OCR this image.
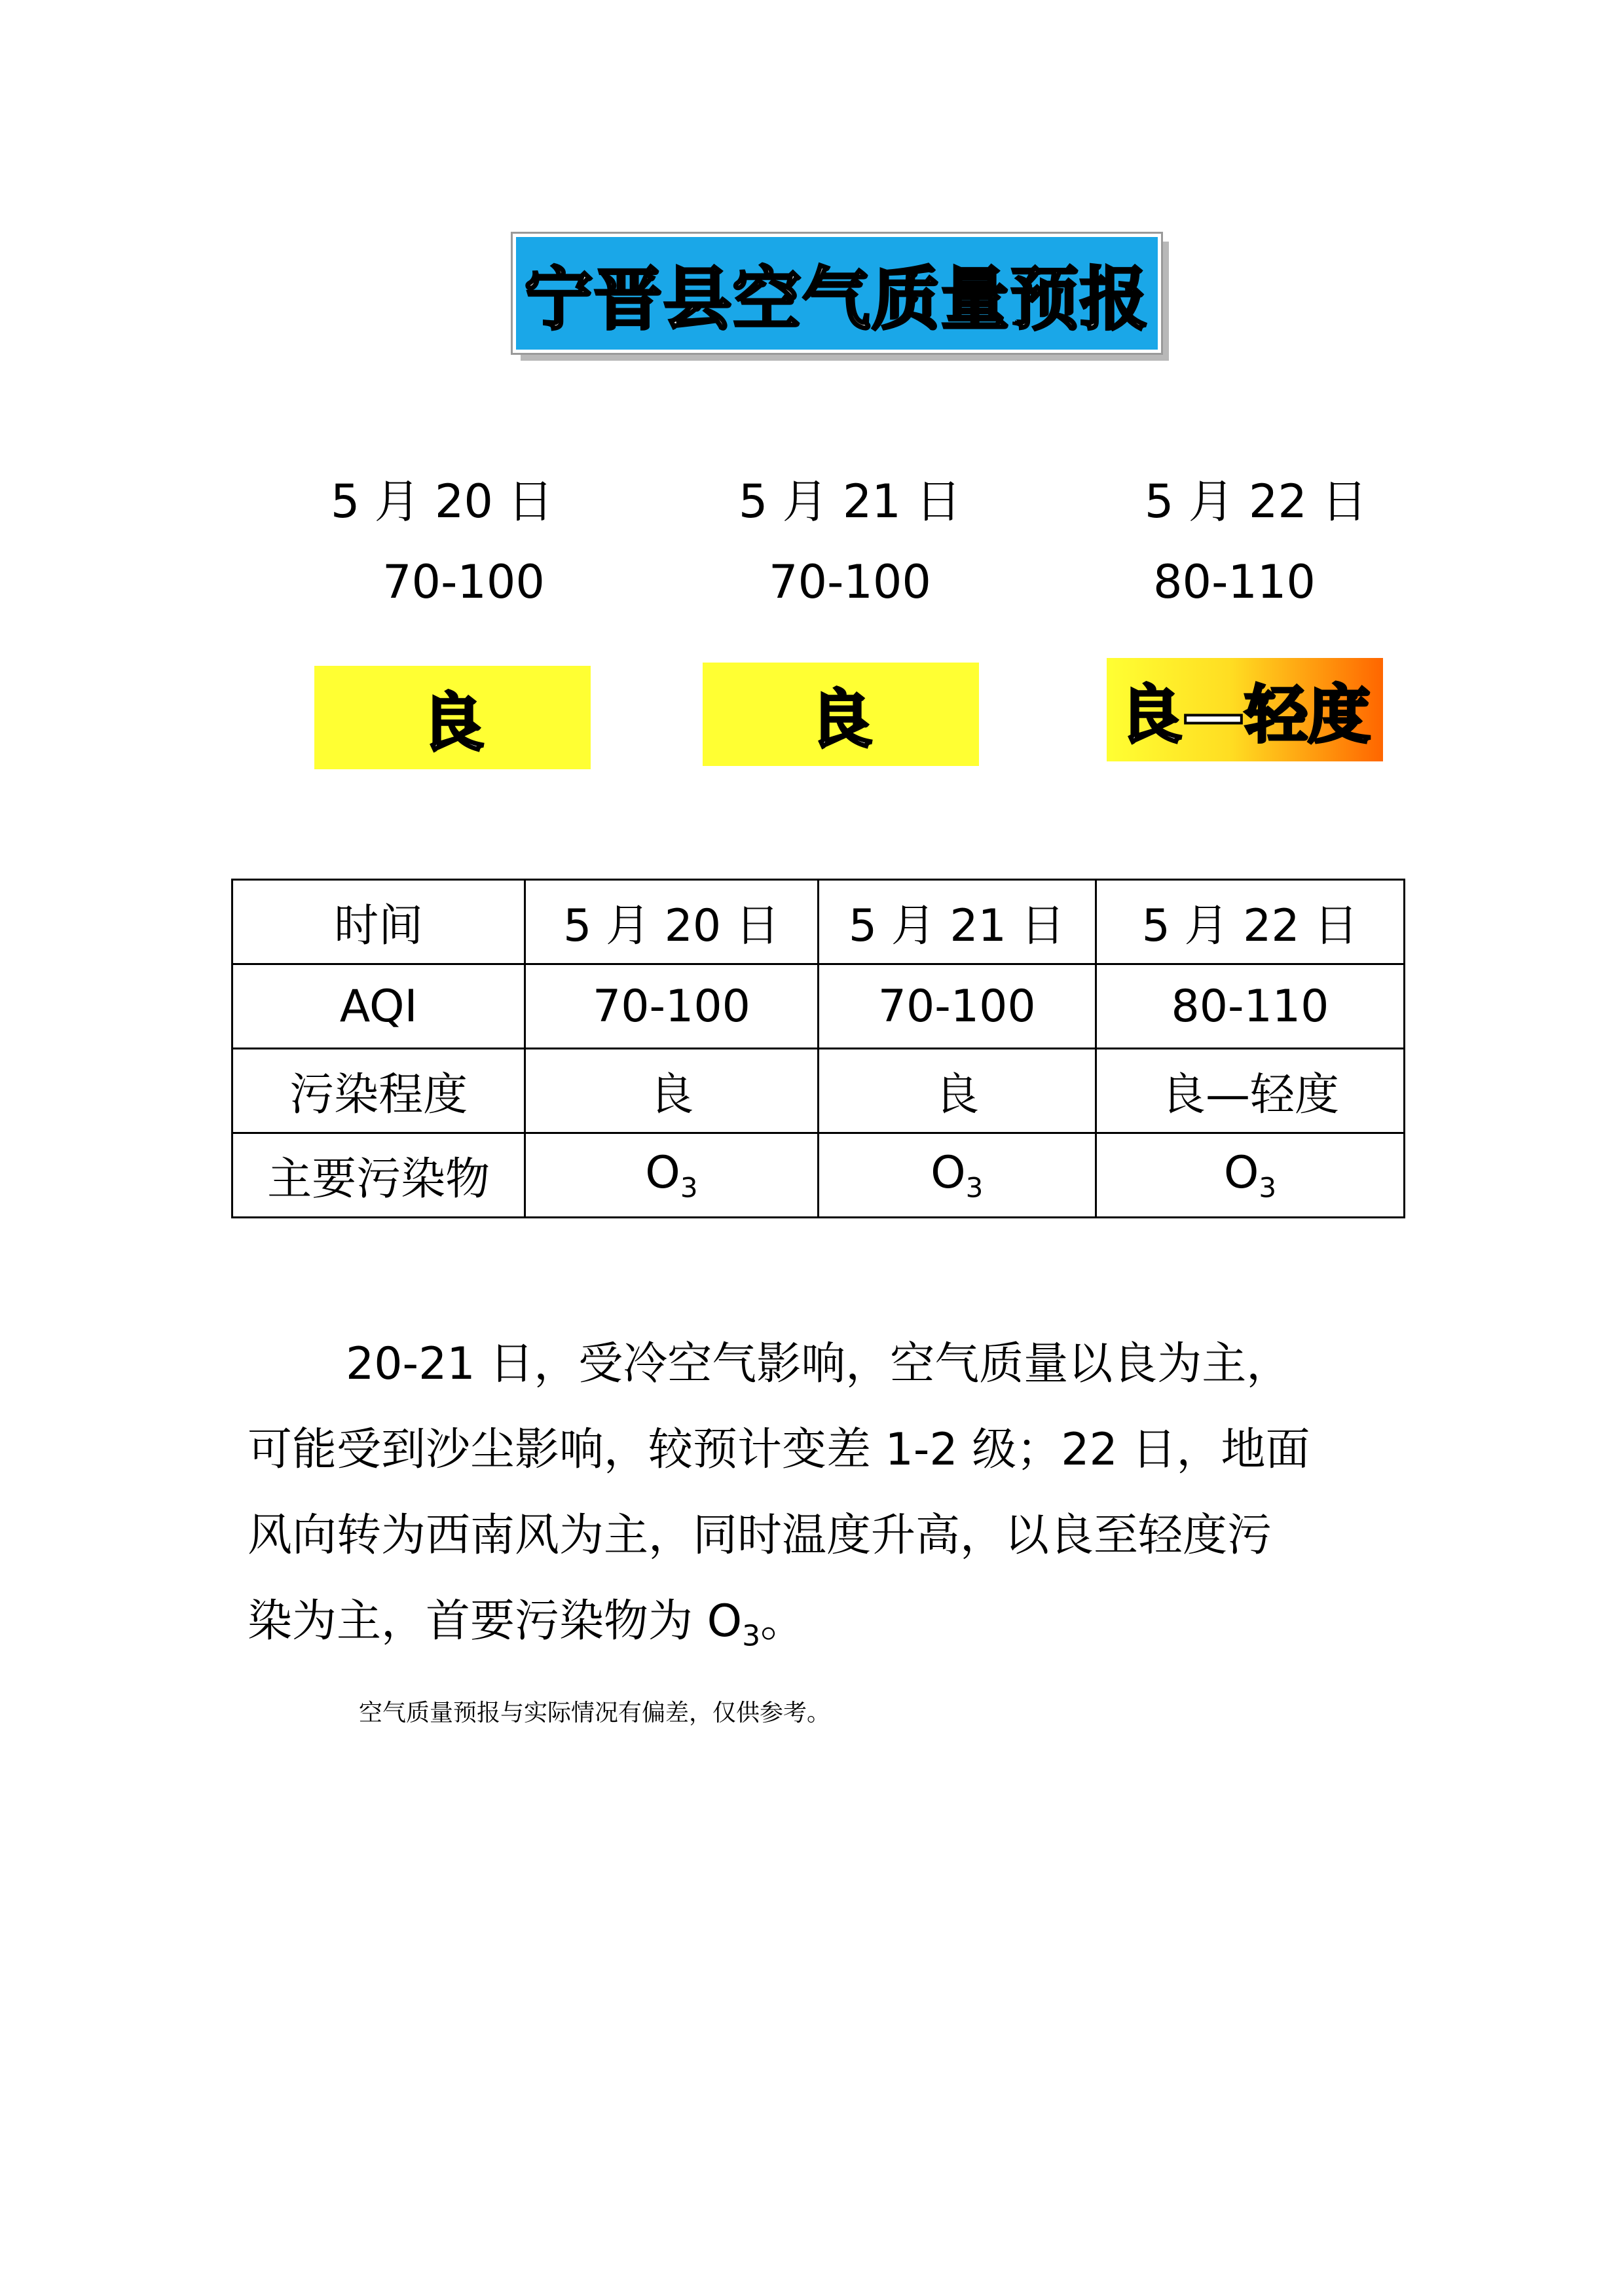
宁晋县空气质量预报
5 月 20 日	5 月 21 日	5 月 22 日
70-100	70-100	80-110
良	良	良—轻度
时间	5 月 20 日	5 月 21 日	5 月 22 日
AQI	70-100	70-100	80-110
污染程度	良	良	良—轻度
主要污染物	$O_3$	$O_3$	$O_3$

20-21 日，受冷空气影响，空气质量以良为主，

可能受到沙尘影响，较预计变差 1-2 级；22 日，地面

风向转为西南风为主，同时温度升高，以良至轻度污

染为主，首要污染物为 $O_3$。

空气质量预报与实际情况有偏差，仅供参考。
